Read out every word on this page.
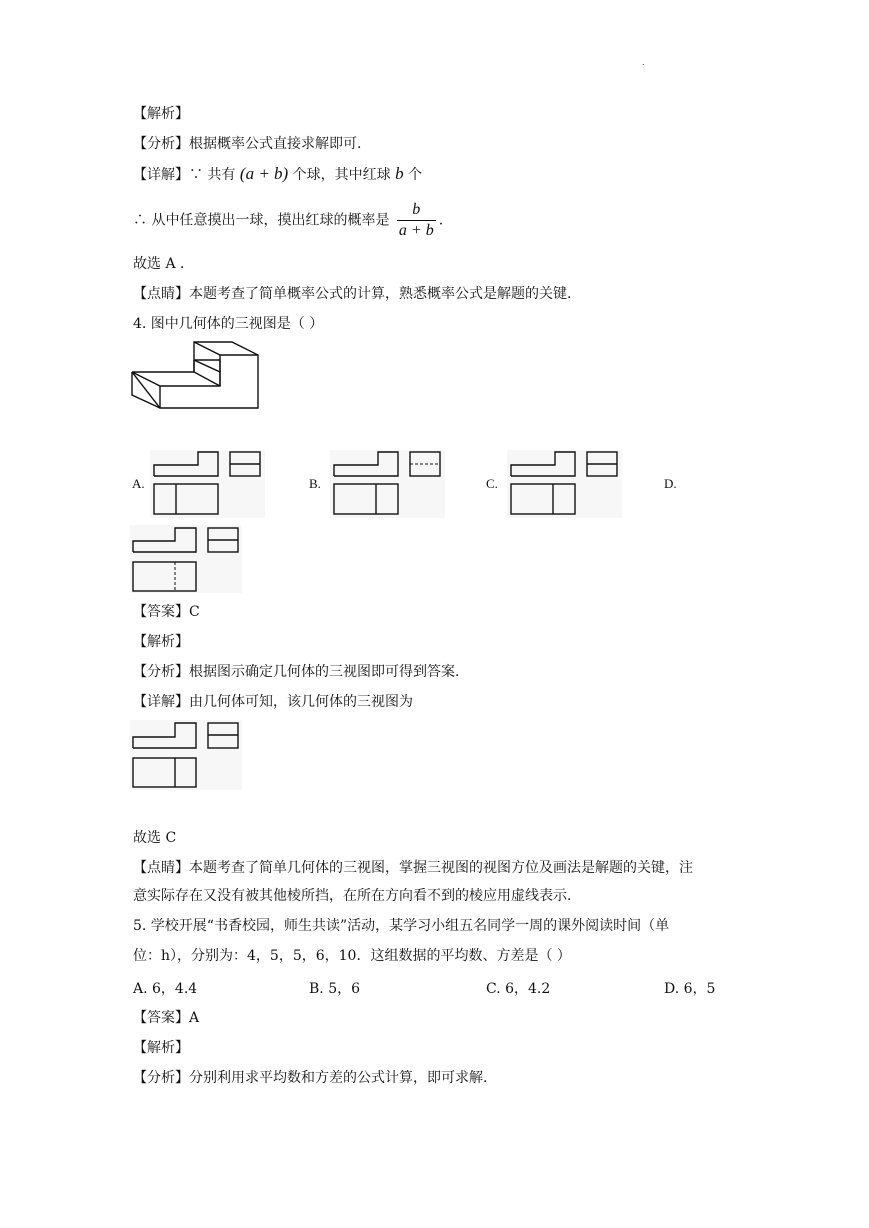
.
【解析】
【分析】根据概率公式直接求解即可.
【详解】∵ 共有 (a + b) 个球，其中红球 b 个
∴ 从中任意摸出一球，摸出红球的概率是 $\frac{b}{a + b}$ .
故选 A ．
【点睛】本题考查了简单概率公式的计算，熟悉概率公式是解题的关键.
4. 图中几何体的三视图是（ ）
A.	B.	C.	D.
【答案】C
【解析】
【分析】根据图示确定几何体的三视图即可得到答案.
【详解】由几何体可知，该几何体的三视图为
故选 C
【点睛】本题考查了简单几何体的三视图，掌握三视图的视图方位及画法是解题的关键，注
意实际存在又没有被其他棱所挡，在所在方向看不到的棱应用虚线表示.
5. 学校开展“书香校园，师生共读”活动，某学习小组五名同学一周的课外阅读时间（单
位：h），分别为：4，5，5，6，10．这组数据的平均数、方差是（ ）
A. 6，4.4	B. 5，6	C. 6，4.2	D. 6，5
【答案】A
【解析】
【分析】分别利用求平均数和方差的公式计算，即可求解.
